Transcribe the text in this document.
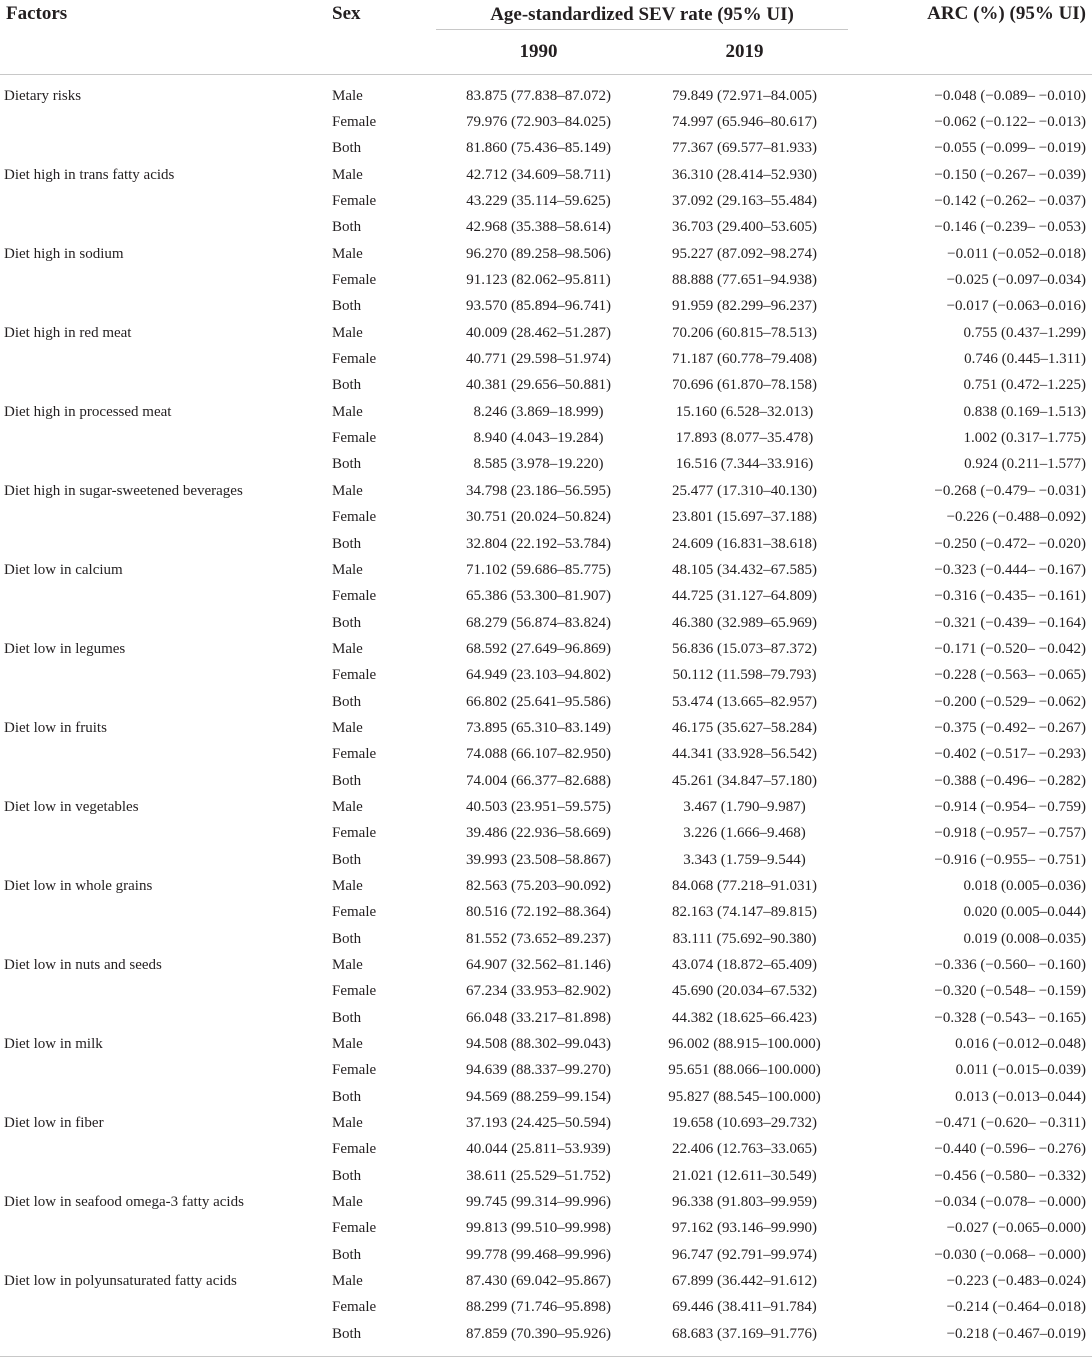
Factors	Sex	Age-standardized SEV rate (95% UI)		ARC (%) (95% UI)
		1990	2019	

Dietary risks	Male	83.875 (77.838–87.072)	79.849 (72.971–84.005)	−0.048 (−0.089– −0.010)
	Female	79.976 (72.903–84.025)	74.997 (65.946–80.617)	−0.062 (−0.122– −0.013)
	Both	81.860 (75.436–85.149)	77.367 (69.577–81.933)	−0.055 (−0.099– −0.019)
Diet high in trans fatty acids	Male	42.712 (34.609–58.711)	36.310 (28.414–52.930)	−0.150 (−0.267– −0.039)
	Female	43.229 (35.114–59.625)	37.092 (29.163–55.484)	−0.142 (−0.262– −0.037)
	Both	42.968 (35.388–58.614)	36.703 (29.400–53.605)	−0.146 (−0.239– −0.053)
Diet high in sodium	Male	96.270 (89.258–98.506)	95.227 (87.092–98.274)	−0.011 (−0.052–0.018)
	Female	91.123 (82.062–95.811)	88.888 (77.651–94.938)	−0.025 (−0.097–0.034)
	Both	93.570 (85.894–96.741)	91.959 (82.299–96.237)	−0.017 (−0.063–0.016)
Diet high in red meat	Male	40.009 (28.462–51.287)	70.206 (60.815–78.513)	0.755 (0.437–1.299)
	Female	40.771 (29.598–51.974)	71.187 (60.778–79.408)	0.746 (0.445–1.311)
	Both	40.381 (29.656–50.881)	70.696 (61.870–78.158)	0.751 (0.472–1.225)
Diet high in processed meat	Male	8.246 (3.869–18.999)	15.160 (6.528–32.013)	0.838 (0.169–1.513)
	Female	8.940 (4.043–19.284)	17.893 (8.077–35.478)	1.002 (0.317–1.775)
	Both	8.585 (3.978–19.220)	16.516 (7.344–33.916)	0.924 (0.211–1.577)
Diet high in sugar-sweetened beverages	Male	34.798 (23.186–56.595)	25.477 (17.310–40.130)	−0.268 (−0.479– −0.031)
	Female	30.751 (20.024–50.824)	23.801 (15.697–37.188)	−0.226 (−0.488–0.092)
	Both	32.804 (22.192–53.784)	24.609 (16.831–38.618)	−0.250 (−0.472– −0.020)
Diet low in calcium	Male	71.102 (59.686–85.775)	48.105 (34.432–67.585)	−0.323 (−0.444– −0.167)
	Female	65.386 (53.300–81.907)	44.725 (31.127–64.809)	−0.316 (−0.435– −0.161)
	Both	68.279 (56.874–83.824)	46.380 (32.989–65.969)	−0.321 (−0.439– −0.164)
Diet low in legumes	Male	68.592 (27.649–96.869)	56.836 (15.073–87.372)	−0.171 (−0.520– −0.042)
	Female	64.949 (23.103–94.802)	50.112 (11.598–79.793)	−0.228 (−0.563– −0.065)
	Both	66.802 (25.641–95.586)	53.474 (13.665–82.957)	−0.200 (−0.529– −0.062)
Diet low in fruits	Male	73.895 (65.310–83.149)	46.175 (35.627–58.284)	−0.375 (−0.492– −0.267)
	Female	74.088 (66.107–82.950)	44.341 (33.928–56.542)	−0.402 (−0.517– −0.293)
	Both	74.004 (66.377–82.688)	45.261 (34.847–57.180)	−0.388 (−0.496– −0.282)
Diet low in vegetables	Male	40.503 (23.951–59.575)	3.467 (1.790–9.987)	−0.914 (−0.954– −0.759)
	Female	39.486 (22.936–58.669)	3.226 (1.666–9.468)	−0.918 (−0.957– −0.757)
	Both	39.993 (23.508–58.867)	3.343 (1.759–9.544)	−0.916 (−0.955– −0.751)
Diet low in whole grains	Male	82.563 (75.203–90.092)	84.068 (77.218–91.031)	0.018 (0.005–0.036)
	Female	80.516 (72.192–88.364)	82.163 (74.147–89.815)	0.020 (0.005–0.044)
	Both	81.552 (73.652–89.237)	83.111 (75.692–90.380)	0.019 (0.008–0.035)
Diet low in nuts and seeds	Male	64.907 (32.562–81.146)	43.074 (18.872–65.409)	−0.336 (−0.560– −0.160)
	Female	67.234 (33.953–82.902)	45.690 (20.034–67.532)	−0.320 (−0.548– −0.159)
	Both	66.048 (33.217–81.898)	44.382 (18.625–66.423)	−0.328 (−0.543– −0.165)
Diet low in milk	Male	94.508 (88.302–99.043)	96.002 (88.915–100.000)	0.016 (−0.012–0.048)
	Female	94.639 (88.337–99.270)	95.651 (88.066–100.000)	0.011 (−0.015–0.039)
	Both	94.569 (88.259–99.154)	95.827 (88.545–100.000)	0.013 (−0.013–0.044)
Diet low in fiber	Male	37.193 (24.425–50.594)	19.658 (10.693–29.732)	−0.471 (−0.620– −0.311)
	Female	40.044 (25.811–53.939)	22.406 (12.763–33.065)	−0.440 (−0.596– −0.276)
	Both	38.611 (25.529–51.752)	21.021 (12.611–30.549)	−0.456 (−0.580– −0.332)
Diet low in seafood omega-3 fatty acids	Male	99.745 (99.314–99.996)	96.338 (91.803–99.959)	−0.034 (−0.078– −0.000)
	Female	99.813 (99.510–99.998)	97.162 (93.146–99.990)	−0.027 (−0.065–0.000)
	Both	99.778 (99.468–99.996)	96.747 (92.791–99.974)	−0.030 (−0.068– −0.000)
Diet low in polyunsaturated fatty acids	Male	87.430 (69.042–95.867)	67.899 (36.442–91.612)	−0.223 (−0.483–0.024)
	Female	88.299 (71.746–95.898)	69.446 (38.411–91.784)	−0.214 (−0.464–0.018)
	Both	87.859 (70.390–95.926)	68.683 (37.169–91.776)	−0.218 (−0.467–0.019)
